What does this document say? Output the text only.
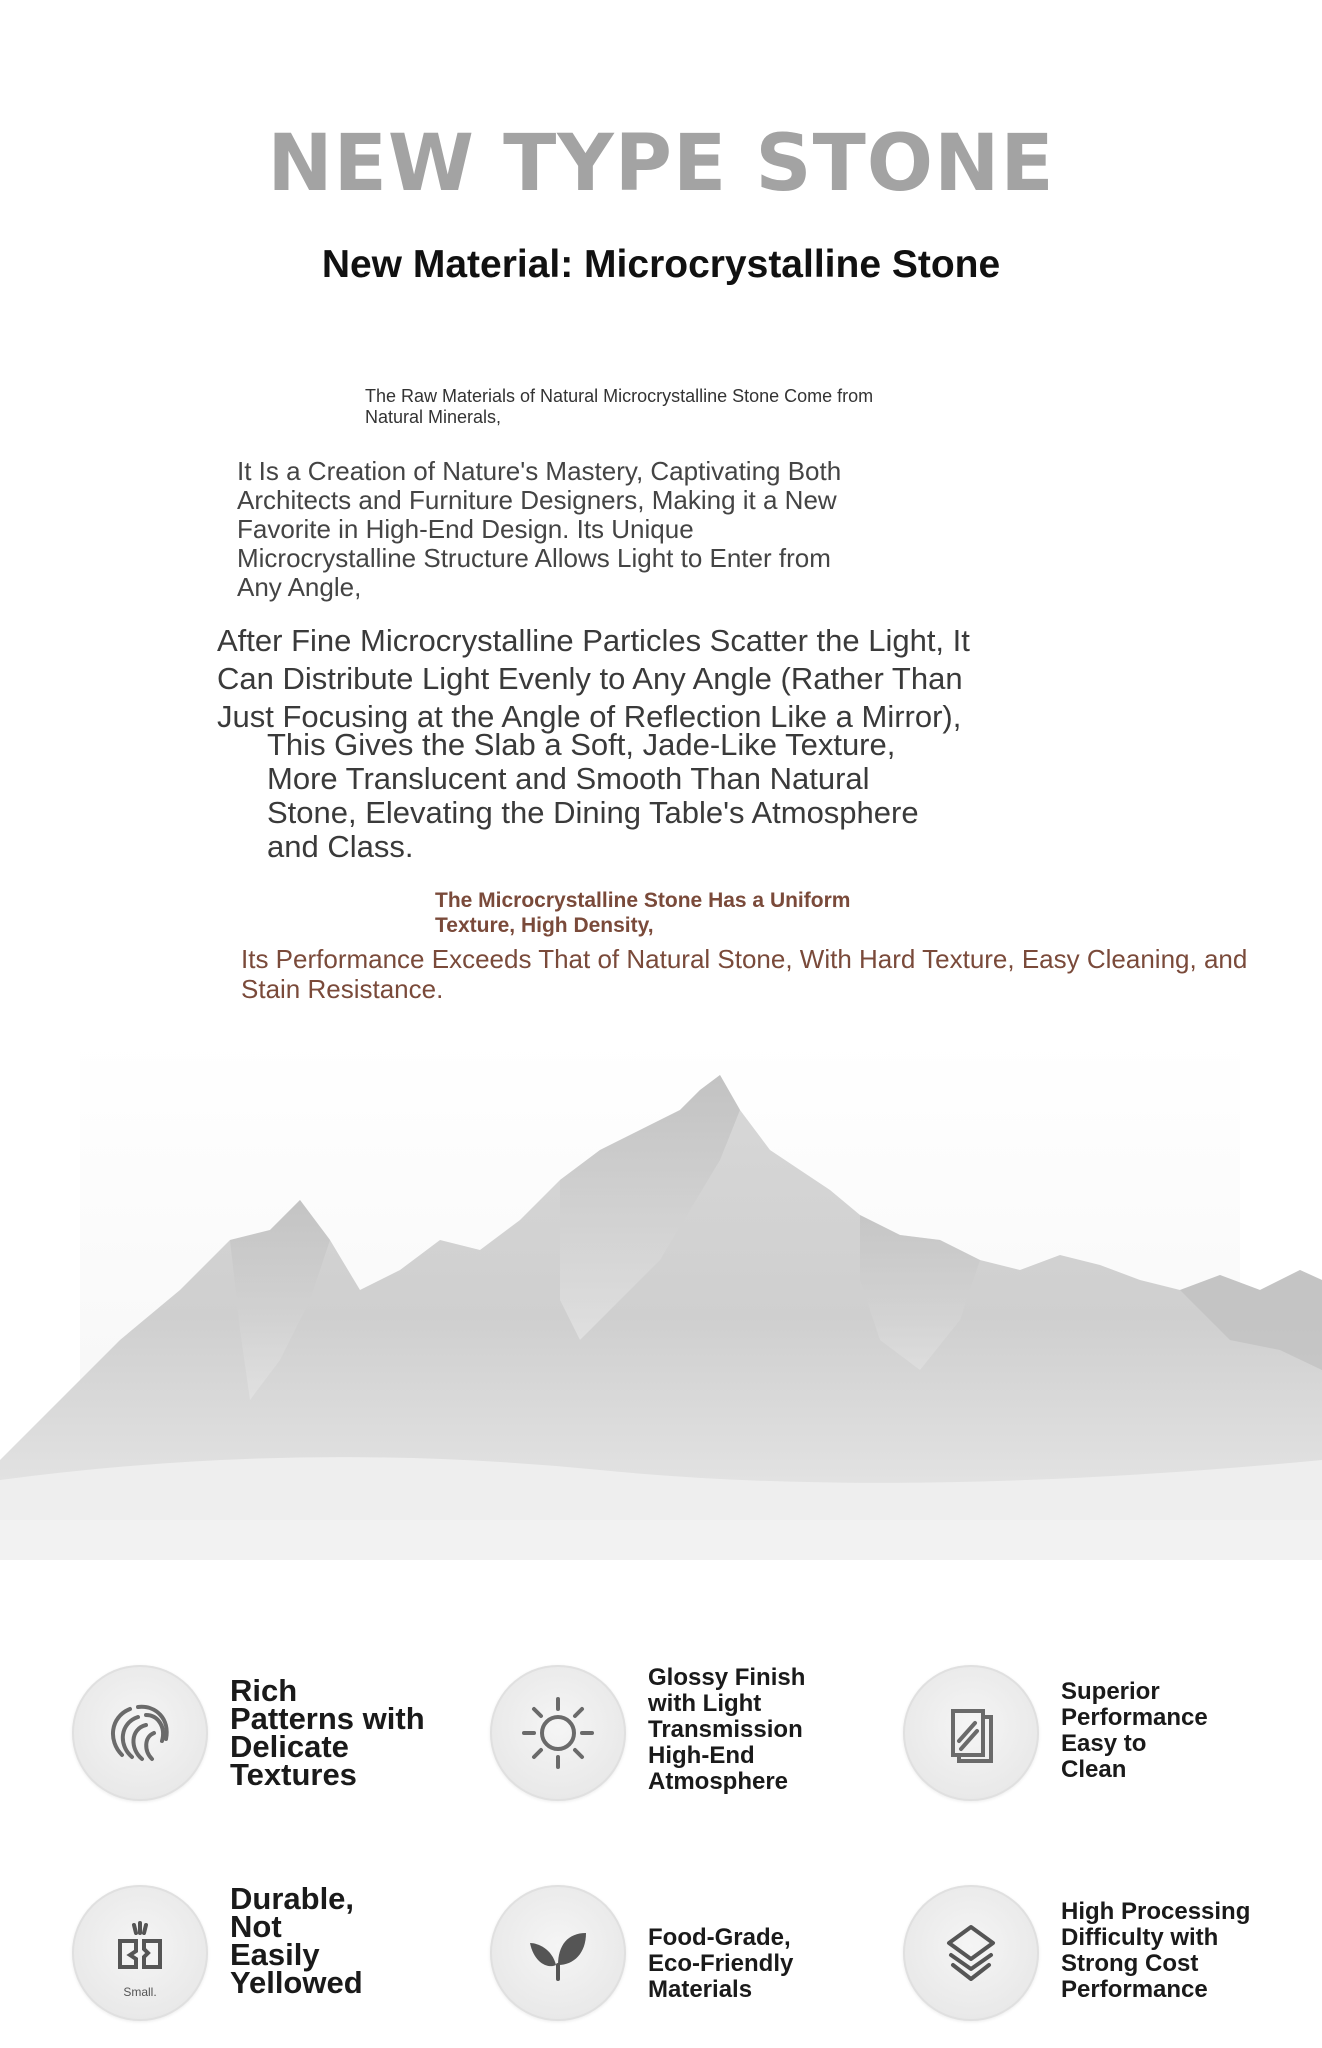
NEW TYPE STONE
New Material: Microcrystalline Stone
The Raw Materials of Natural Microcrystalline Stone Come from
Natural Minerals,
It Is a Creation of Nature's Mastery, Captivating Both
Architects and Furniture Designers, Making it a New
Favorite in High-End Design. Its Unique
Microcrystalline Structure Allows Light to Enter from
Any Angle,
After Fine Microcrystalline Particles Scatter the Light, It
Can Distribute Light Evenly to Any Angle (Rather Than
Just Focusing at the Angle of Reflection Like a Mirror),
This Gives the Slab a Soft, Jade-Like Texture,
More Translucent and Smooth Than Natural
Stone, Elevating the Dining Table's Atmosphere
and Class.
The Microcrystalline Stone Has a Uniform
Texture, High Density,
Its Performance Exceeds That of Natural Stone, With Hard Texture, Easy Cleaning, and
Stain Resistance.
Rich
Patterns with
Delicate
Textures
Glossy Finish
with Light
Transmission
High-End
Atmosphere
Superior
Performance
Easy to
Clean
Small.
Durable,
Not
Easily
Yellowed
Food-Grade,
Eco-Friendly
Materials
High Processing
Difficulty with
Strong Cost
Performance
